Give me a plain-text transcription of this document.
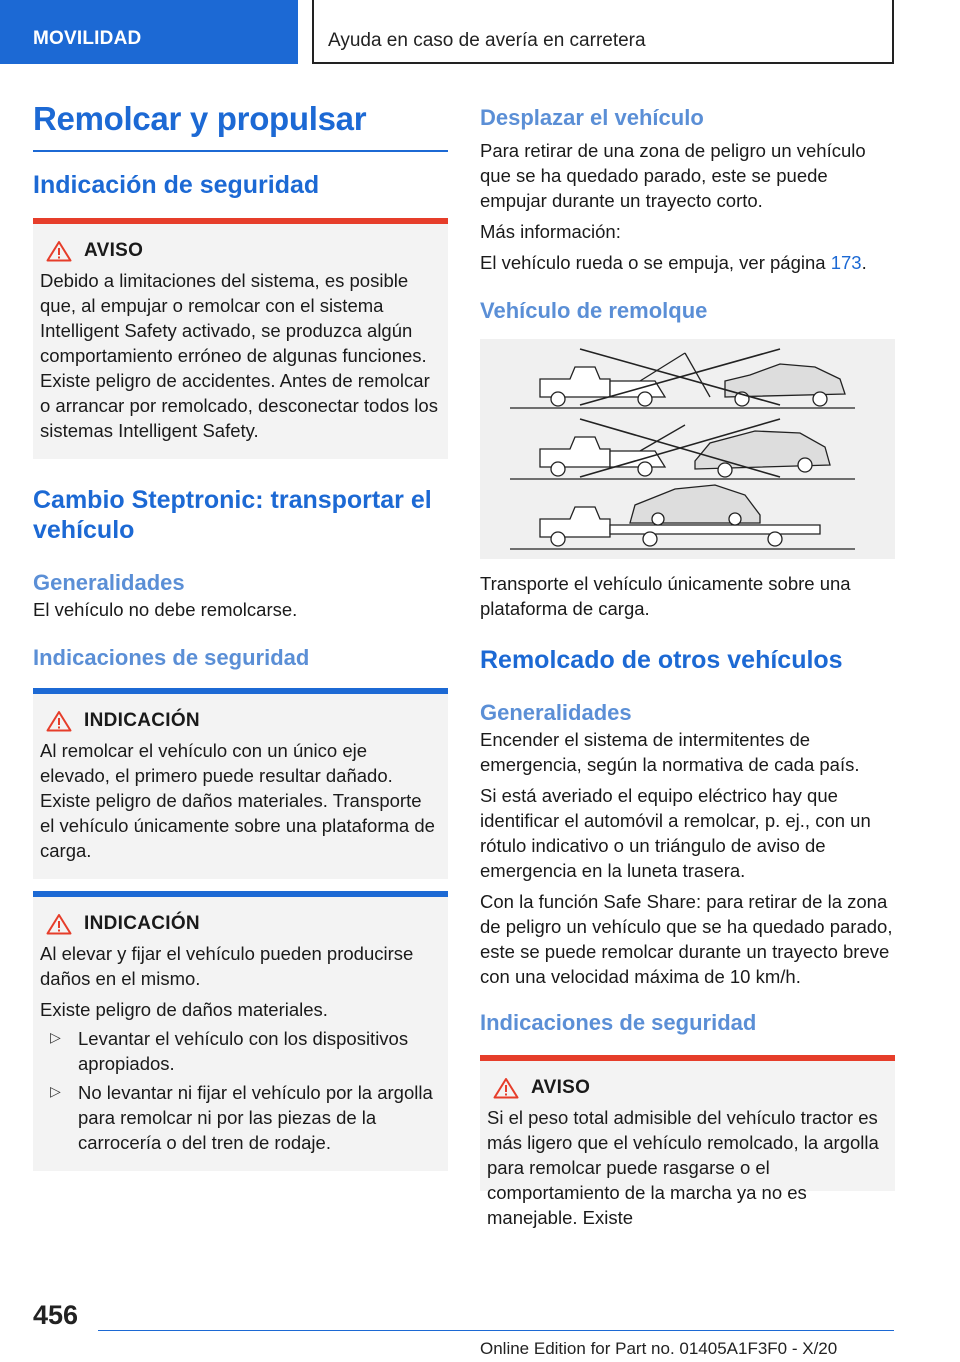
MOVILIDAD	Ayuda en caso de avería en carretera
Remolcar y propulsar
Indicación de seguridad
AVISO

Debido a limitaciones del sistema, es posible que, al empujar o remolcar con el sistema Intelligent Safety activado, se produzca algún comportamiento erróneo de algunas funciones. Existe peligro de accidentes. Antes de remolcar o arrancar por remolcado, desconectar todos los sistemas Intelligent Safety.

Cambio Steptronic: transportar el vehículo
Generalidades

El vehículo no debe remolcarse.

Indicaciones de seguridad
INDICACIÓN

Al remolcar el vehículo con un único eje elevado, el primero puede resultar dañado. Existe peligro de daños materiales. Transporte el vehículo únicamente sobre una plataforma de carga.

INDICACIÓN

Al elevar y fijar el vehículo pueden producirse daños en el mismo.

Existe peligro de daños materiales.

▷ Levantar el vehículo con los dispositivos apropiados.
▷ No levantar ni fijar el vehículo por la argolla para remolcar ni por las piezas de la carrocería o del tren de rodaje.
Desplazar el vehículo

Para retirar de una zona de peligro un vehículo que se ha quedado parado, este se puede empujar durante un trayecto corto.

Más información:

El vehículo rueda o se empuja, ver página 173.

Vehículo de remolque

Transporte el vehículo únicamente sobre una plataforma de carga.

Remolcado de otros vehículos
Generalidades

Encender el sistema de intermitentes de emergencia, según la normativa de cada país.

Si está averiado el equipo eléctrico hay que identificar el automóvil a remolcar, p. ej., con un rótulo indicativo o un triángulo de aviso de emergencia en la luneta trasera.

Con la función Safe Share: para retirar de la zona de peligro un vehículo que se ha quedado parado, este se puede remolcar durante un trayecto breve con una velocidad máxima de 10 km/h.

Indicaciones de seguridad
AVISO

Si el peso total admisible del vehículo tractor es más ligero que el vehículo remolcado, la argolla para remolcar puede rasgarse o el comportamiento de la marcha ya no es manejable. Existe

456
Online Edition for Part no. 01405A1F3F0 - X/20
